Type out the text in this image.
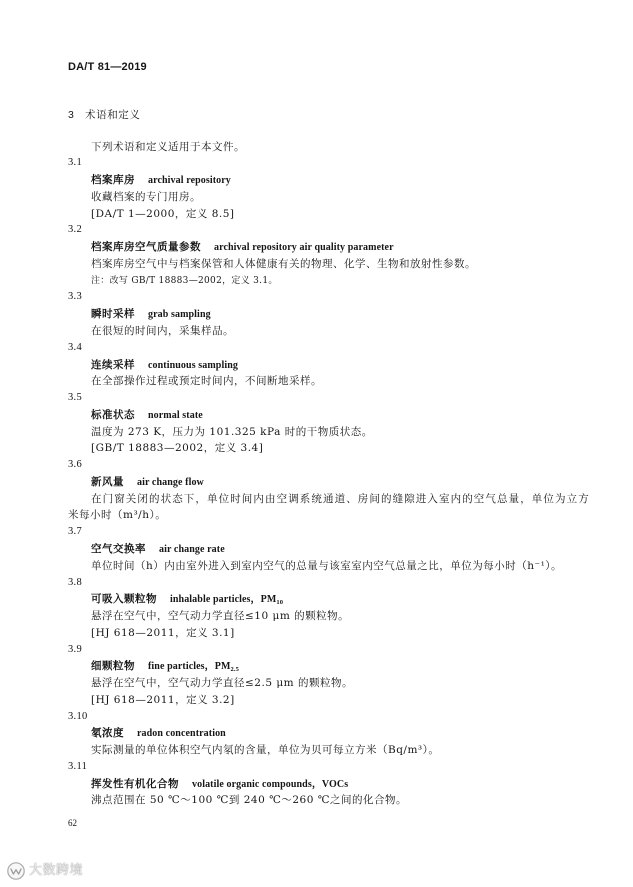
DA/T 81—2019
3 术语和定义
下列术语和定义适用于本文件。
3.1
档案库房 archival repository
收藏档案的专门用房。
[DA/T 1—2000，定义 8.5]
3.2
档案库房空气质量参数 archival repository air quality parameter
档案库房空气中与档案保管和人体健康有关的物理、化学、生物和放射性参数。
注：改写 GB/T 18883—2002，定义 3.1。
3.3
瞬时采样 grab sampling
在很短的时间内，采集样品。
3.4
连续采样 continuous sampling
在全部操作过程或预定时间内，不间断地采样。
3.5
标准状态 normal state
温度为 273 K，压力为 101.325 kPa 时的干物质状态。
[GB/T 18883—2002，定义 3.4]
3.6
新风量 air change flow
在门窗关闭的状态下，单位时间内由空调系统通道、房间的缝隙进入室内的空气总量，单位为立方
米每小时（m³/h）。
3.7
空气交换率 air change rate
单位时间（h）内由室外进入到室内空气的总量与该室室内空气总量之比，单位为每小时（h⁻¹）。
3.8
可吸入颗粒物 inhalable particles，$PM_{10}$
悬浮在空气中，空气动力学直径≤10 μm 的颗粒物。
[HJ 618—2011，定义 3.1]
3.9
细颗粒物 fine particles，$PM_{2.5}$
悬浮在空气中，空气动力学直径≤2.5 μm 的颗粒物。
[HJ 618—2011，定义 3.2]
3.10
氡浓度 radon concentration
实际测量的单位体积空气内氡的含量，单位为贝可每立方米（Bq/m³）。
3.11
挥发性有机化合物 volatile organic compounds，VOCs
沸点范围在 50 ℃～100 ℃到 240 ℃～260 ℃之间的化合物。
62
大数跨境
